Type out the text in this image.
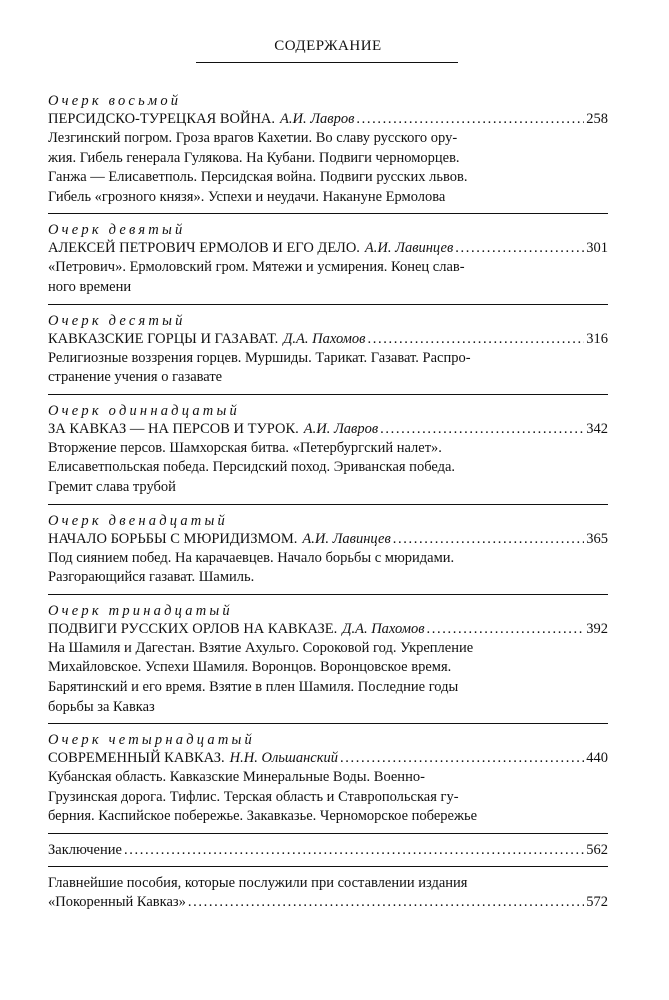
СОДЕРЖАНИЕ
Очерк восьмой
ПЕРСИДСКО-ТУРЕЦКАЯ ВОЙНА. А.И. Лавров . . .	258
Лезгинский погром. Гроза врагов Кахетии. Во славу русского ору-
жия. Гибель генерала Гулякова. На Кубани. Подвиги черноморцев.
Ганжа — Елисаветполь. Персидская война. Подвиги русских львов.
Гибель «грозного князя». Успехи и неудачи. Накануне Ермолова
Очерк девятый
АЛЕКСЕЙ ПЕТРОВИЧ ЕРМОЛОВ И ЕГО ДЕЛО. А.И. Лавинцев . . .	301
«Петрович». Ермоловский гром. Мятежи и усмирения. Конец слав-
ного времени
Очерк десятый
КАВКАЗСКИЕ ГОРЦЫ И ГАЗАВАТ. Д.А. Пахомов . . .	316
Религиозные воззрения горцев. Муршиды. Тарикат. Газават. Распро-
странение учения о газавате
Очерк одиннадцатый
ЗА КАВКАЗ — НА ПЕРСОВ И ТУРОК. А.И. Лавров . . .	342
Вторжение персов. Шамхорская битва. «Петербургский налет».
Елисаветпольская победа. Персидский поход. Эриванская победа.
Гремит слава трубой
Очерк двенадцатый
НАЧАЛО БОРЬБЫ С МЮРИДИЗМОМ. А.И. Лавинцев . . .	365
Под сиянием побед. На карачаевцев. Начало борьбы с мюридами.
Разгорающийся газават. Шамиль.
Очерк тринадцатый
ПОДВИГИ РУССКИХ ОРЛОВ НА КАВКАЗЕ. Д.А. Пахомов . . .	392
На Шамиля и Дагестан. Взятие Ахульго. Сороковой год. Укрепление
Михайловское. Успехи Шамиля. Воронцов. Воронцовское время.
Барятинский и его время. Взятие в плен Шамиля. Последние годы
борьбы за Кавказ
Очерк четырнадцатый
СОВРЕМЕННЫЙ КАВКАЗ. Н.Н. Ольшанский . . .	440
Кубанская область. Кавказские Минеральные Воды. Военно-
Грузинская дорога. Тифлис. Терская область и Ставропольская гу-
берния. Каспийское побережье. Закавказье. Черноморское побережье
Заключение . . .	562
Главнейшие пособия, которые послужили при составлении издания
«Покоренный Кавказ» . . .	572
